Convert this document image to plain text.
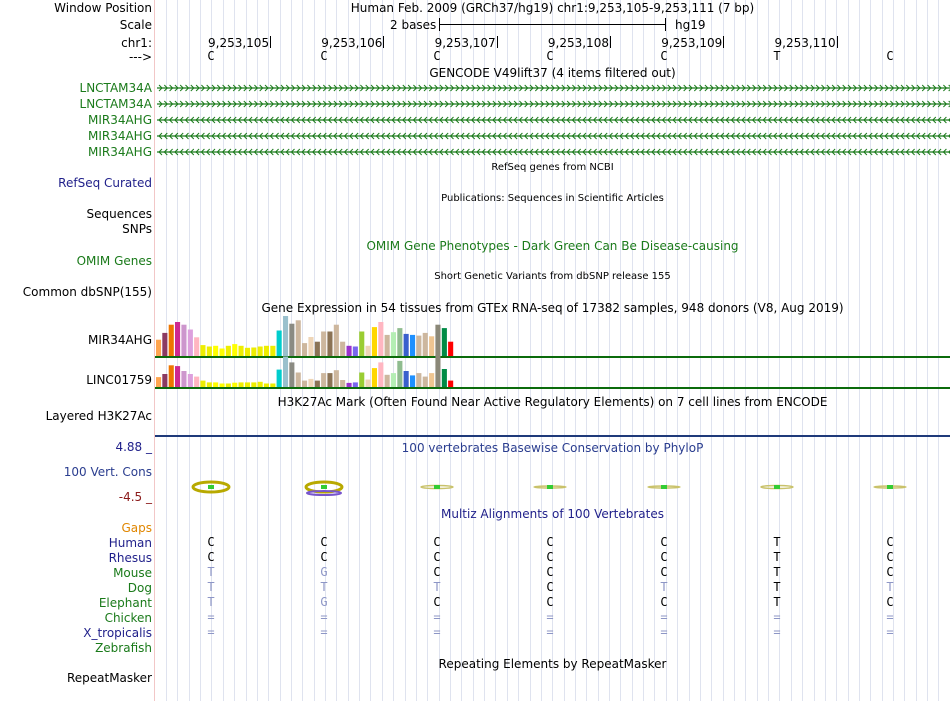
Window Position	Human Feb. 2009 (GRCh37/hg19) chr1:9,253,105-9,253,111 (7 bp)
Scale	2 bases	hg19
chr1:	9,253,105	9,253,106	9,253,107	9,253,108	9,253,109	9,253,110
--->	C	C	C	C	C	T	C
GENCODE V49lift37 (4 items filtered out)
LNCTAM34A
LNCTAM34A
MIR34AHG
MIR34AHG
MIR34AHG
RefSeq genes from NCBI
RefSeq Curated
Publications: Sequences in Scientific Articles
Sequences
SNPs
OMIM Gene Phenotypes - Dark Green Can Be Disease-causing
OMIM Genes
Short Genetic Variants from dbSNP release 155
Common dbSNP(155)
Gene Expression in 54 tissues from GTEx RNA-seq of 17382 samples, 948 donors (V8, Aug 2019)
MIR34AHG
LINC01759
H3K27Ac Mark (Often Found Near Active Regulatory Elements) on 7 cell lines from ENCODE
Layered H3K27Ac
100 vertebrates Basewise Conservation by PhyloP
4.88 _
100 Vert. Cons
-4.5 _
Multiz Alignments of 100 Vertebrates
Gaps
Human	C	C	C	C	C	T	C
Rhesus	C	C	C	C	C	T	C
Mouse	T	G	C	C	C	T	C
Dog	T	T	T	C	T	T	T
Elephant	T	G	C	C	C	T	C
Chicken	=	=	=	=	=	=	=
X_tropicalis	=	=	=	=	=	=	=
Zebrafish
Repeating Elements by RepeatMasker
RepeatMasker
